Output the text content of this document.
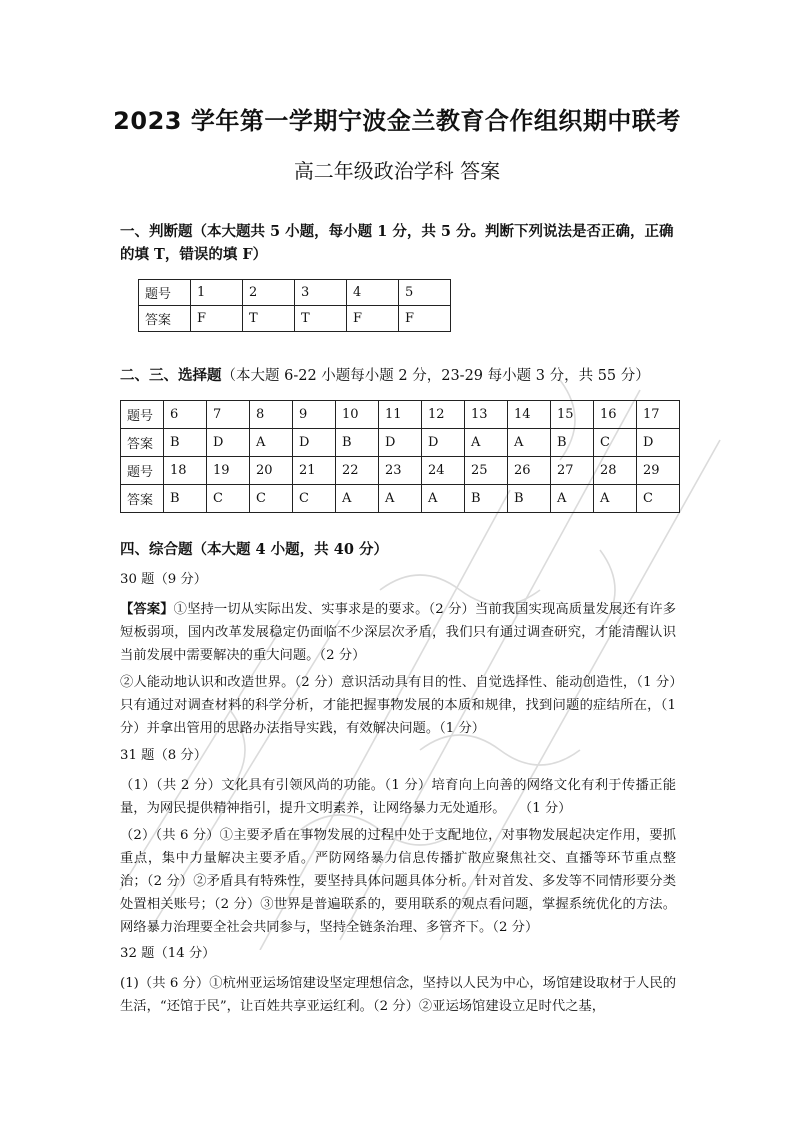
2023 学年第一学期宁波金兰教育合作组织期中联考
高二年级政治学科 答案
一、判断题（本大题共 5 小题，每小题 1 分，共 5 分。判断下列说法是否正确，正确的填 T，错误的填 F）
题号	1	2	3	4	5
答案	F	T	T	F	F
二、三、选择题（本大题 6-22 小题每小题 2 分，23-29 每小题 3 分，共 55 分）
题号	6	7	8	9	10	11	12	13	14	15	16	17
答案	B	D	A	D	B	D	D	A	A	B	C	D
题号	18	19	20	21	22	23	24	25	26	27	28	29
答案	B	C	C	C	A	A	A	B	B	A	A	C
四、综合题（本大题 4 小题，共 40 分）
30 题（9 分）
【答案】①坚持一切从实际出发、实事求是的要求。（2 分）当前我国实现高质量发展还有许多短板弱项，国内改革发展稳定仍面临不少深层次矛盾，我们只有通过调查研究，才能清醒认识当前发展中需要解决的重大问题。（2 分）
②人能动地认识和改造世界。（2 分）意识活动具有目的性、自觉选择性、能动创造性，（1 分）只有通过对调查材料的科学分析，才能把握事物发展的本质和规律，找到问题的症结所在，（1 分）并拿出管用的思路办法指导实践，有效解决问题。（1 分）
31 题（8 分）
（1）（共 2 分）文化具有引领风尚的功能。（1 分）培育向上向善的网络文化有利于传播正能量，为网民提供精神指引，提升文明素养，让网络暴力无处遁形。　　（1 分）
（2）（共 6 分）①主要矛盾在事物发展的过程中处于支配地位，对事物发展起决定作用，要抓重点，集中力量解决主要矛盾。严防网络暴力信息传播扩散应聚焦社交、直播等环节重点整治；（2 分）②矛盾具有特殊性，要坚持具体问题具体分析。针对首发、多发等不同情形要分类处置相关账号；（2 分）③世界是普遍联系的，要用联系的观点看问题，掌握系统优化的方法。网络暴力治理要全社会共同参与，坚持全链条治理、多管齐下。（2 分）
32 题（14 分）
(1)（共 6 分）①杭州亚运场馆建设坚定理想信念，坚持以人民为中心，场馆建设取材于人民的生活，“还馆于民”，让百姓共享亚运红利。（2 分）②亚运场馆建设立足时代之基，
